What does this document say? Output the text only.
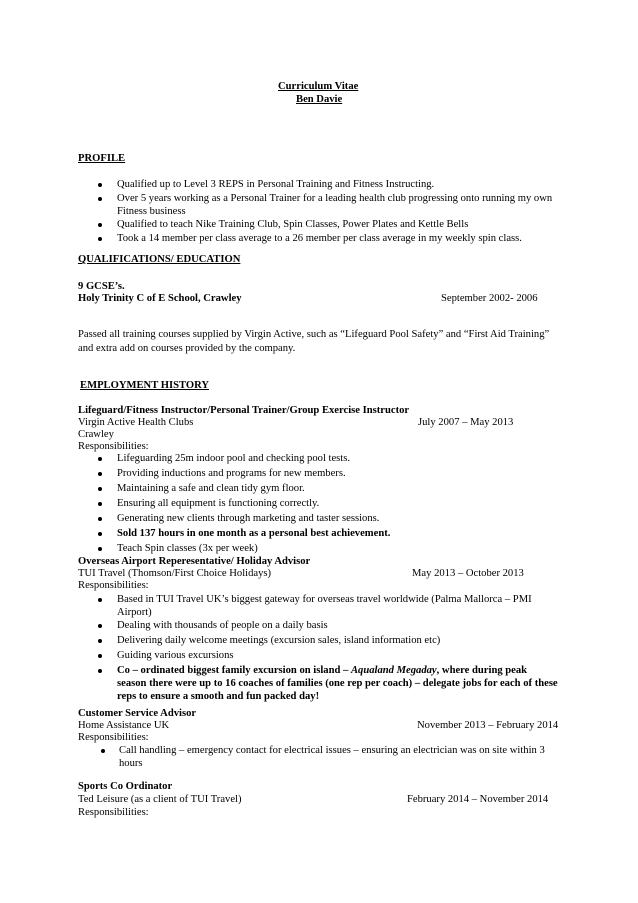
Curriculum Vitae
Ben Davie
PROFILE
Qualified up to Level 3 REPS in Personal Training and Fitness Instructing.
Over 5 years working as a Personal Trainer for a leading health club progressing onto running my own
Fitness business
Qualified to teach Nike Training Club, Spin Classes, Power Plates and Kettle Bells
Took a 14 member per class average to a 26 member per class average in my weekly spin class.
QUALIFICATIONS/ EDUCATION
9 GCSE’s.
Holy Trinity C of E School, Crawley	September 2002- 2006
Passed all training courses supplied by Virgin Active, such as “Lifeguard Pool Safety” and “First Aid Training”
and extra add on courses provided by the company.
EMPLOYMENT HISTORY
Lifeguard/Fitness Instructor/Personal Trainer/Group Exercise Instructor
Virgin Active Health Clubs	July 2007 – May 2013
Crawley
Responsibilities:
Lifeguarding 25m indoor pool and checking pool tests.
Providing inductions and programs for new members.
Maintaining a safe and clean tidy gym floor.
Ensuring all equipment is functioning correctly.
Generating new clients through marketing and taster sessions.
Sold 137 hours in one month as a personal best achievement.
Teach Spin classes (3x per week)
Overseas Airport Reperesentative/ Holiday Advisor
TUI Travel (Thomson/First Choice Holidays)	May 2013 – October 2013
Responsibilities:
Based in TUI Travel UK’s biggest gateway for overseas travel worldwide (Palma Mallorca – PMI
Airport)
Dealing with thousands of people on a daily basis
Delivering daily welcome meetings (excursion sales, island information etc)
Guiding various excursions
Co – ordinated biggest family excursion on island – Aqualand Megaday, where during peak
season there were up to 16 coaches of families (one rep per coach) – delegate jobs for each of these
reps to ensure a smooth and fun packed day!
Customer Service Advisor
Home Assistance UK	November 2013 – February 2014
Responsibilities:
Call handling – emergency contact for electrical issues – ensuring an electrician was on site within 3
hours
Sports Co Ordinator
Ted Leisure (as a client of TUI Travel)	February 2014 – November 2014
Responsibilities:
